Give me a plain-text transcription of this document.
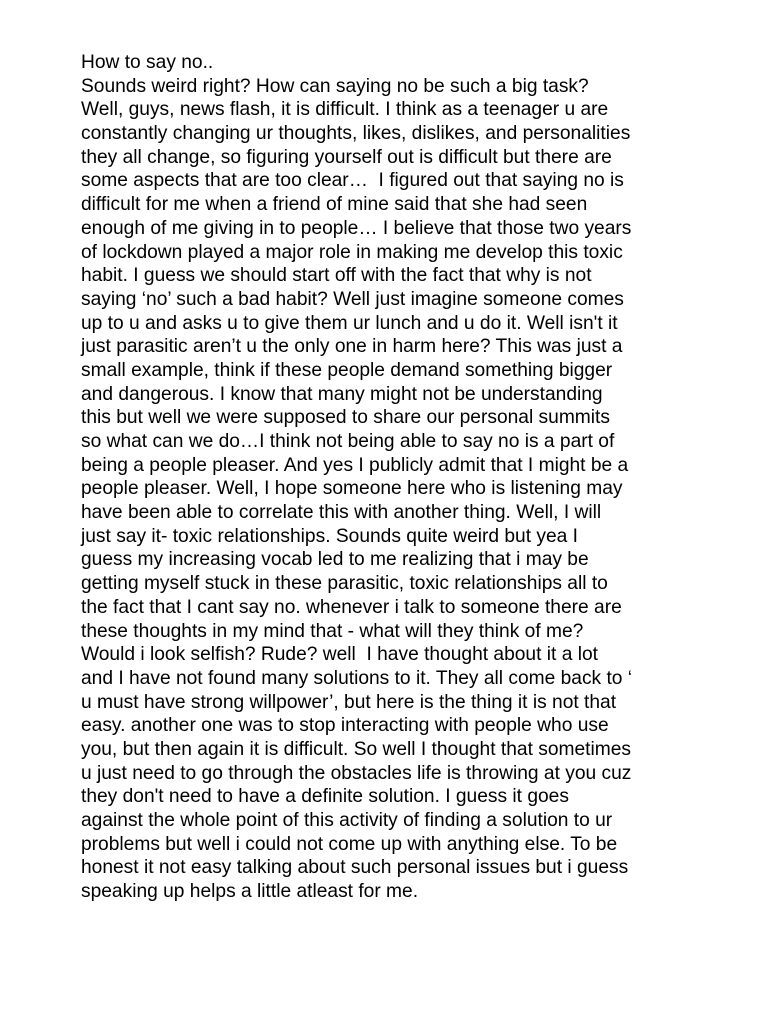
How to say no..
Sounds weird right? How can saying no be such a big task?
Well, guys, news flash, it is difficult. I think as a teenager u are
constantly changing ur thoughts, likes, dislikes, and personalities
they all change, so figuring yourself out is difficult but there are
some aspects that are too clear…  I figured out that saying no is
difficult for me when a friend of mine said that she had seen
enough of me giving in to people… I believe that those two years
of lockdown played a major role in making me develop this toxic
habit. I guess we should start off with the fact that why is not
saying ‘no’ such a bad habit? Well just imagine someone comes
up to u and asks u to give them ur lunch and u do it. Well isn't it
just parasitic aren’t u the only one in harm here? This was just a
small example, think if these people demand something bigger
and dangerous. I know that many might not be understanding
this but well we were supposed to share our personal summits
so what can we do…I think not being able to say no is a part of
being a people pleaser. And yes I publicly admit that I might be a
people pleaser. Well, I hope someone here who is listening may
have been able to correlate this with another thing. Well, I will
just say it- toxic relationships. Sounds quite weird but yea I
guess my increasing vocab led to me realizing that i may be
getting myself stuck in these parasitic, toxic relationships all to
the fact that I cant say no. whenever i talk to someone there are
these thoughts in my mind that - what will they think of me?
Would i look selfish? Rude? well  I have thought about it a lot
and I have not found many solutions to it. They all come back to ‘
u must have strong willpower’, but here is the thing it is not that
easy. another one was to stop interacting with people who use
you, but then again it is difficult. So well I thought that sometimes
u just need to go through the obstacles life is throwing at you cuz
they don't need to have a definite solution. I guess it goes
against the whole point of this activity of finding a solution to ur
problems but well i could not come up with anything else. To be
honest it not easy talking about such personal issues but i guess
speaking up helps a little atleast for me.
